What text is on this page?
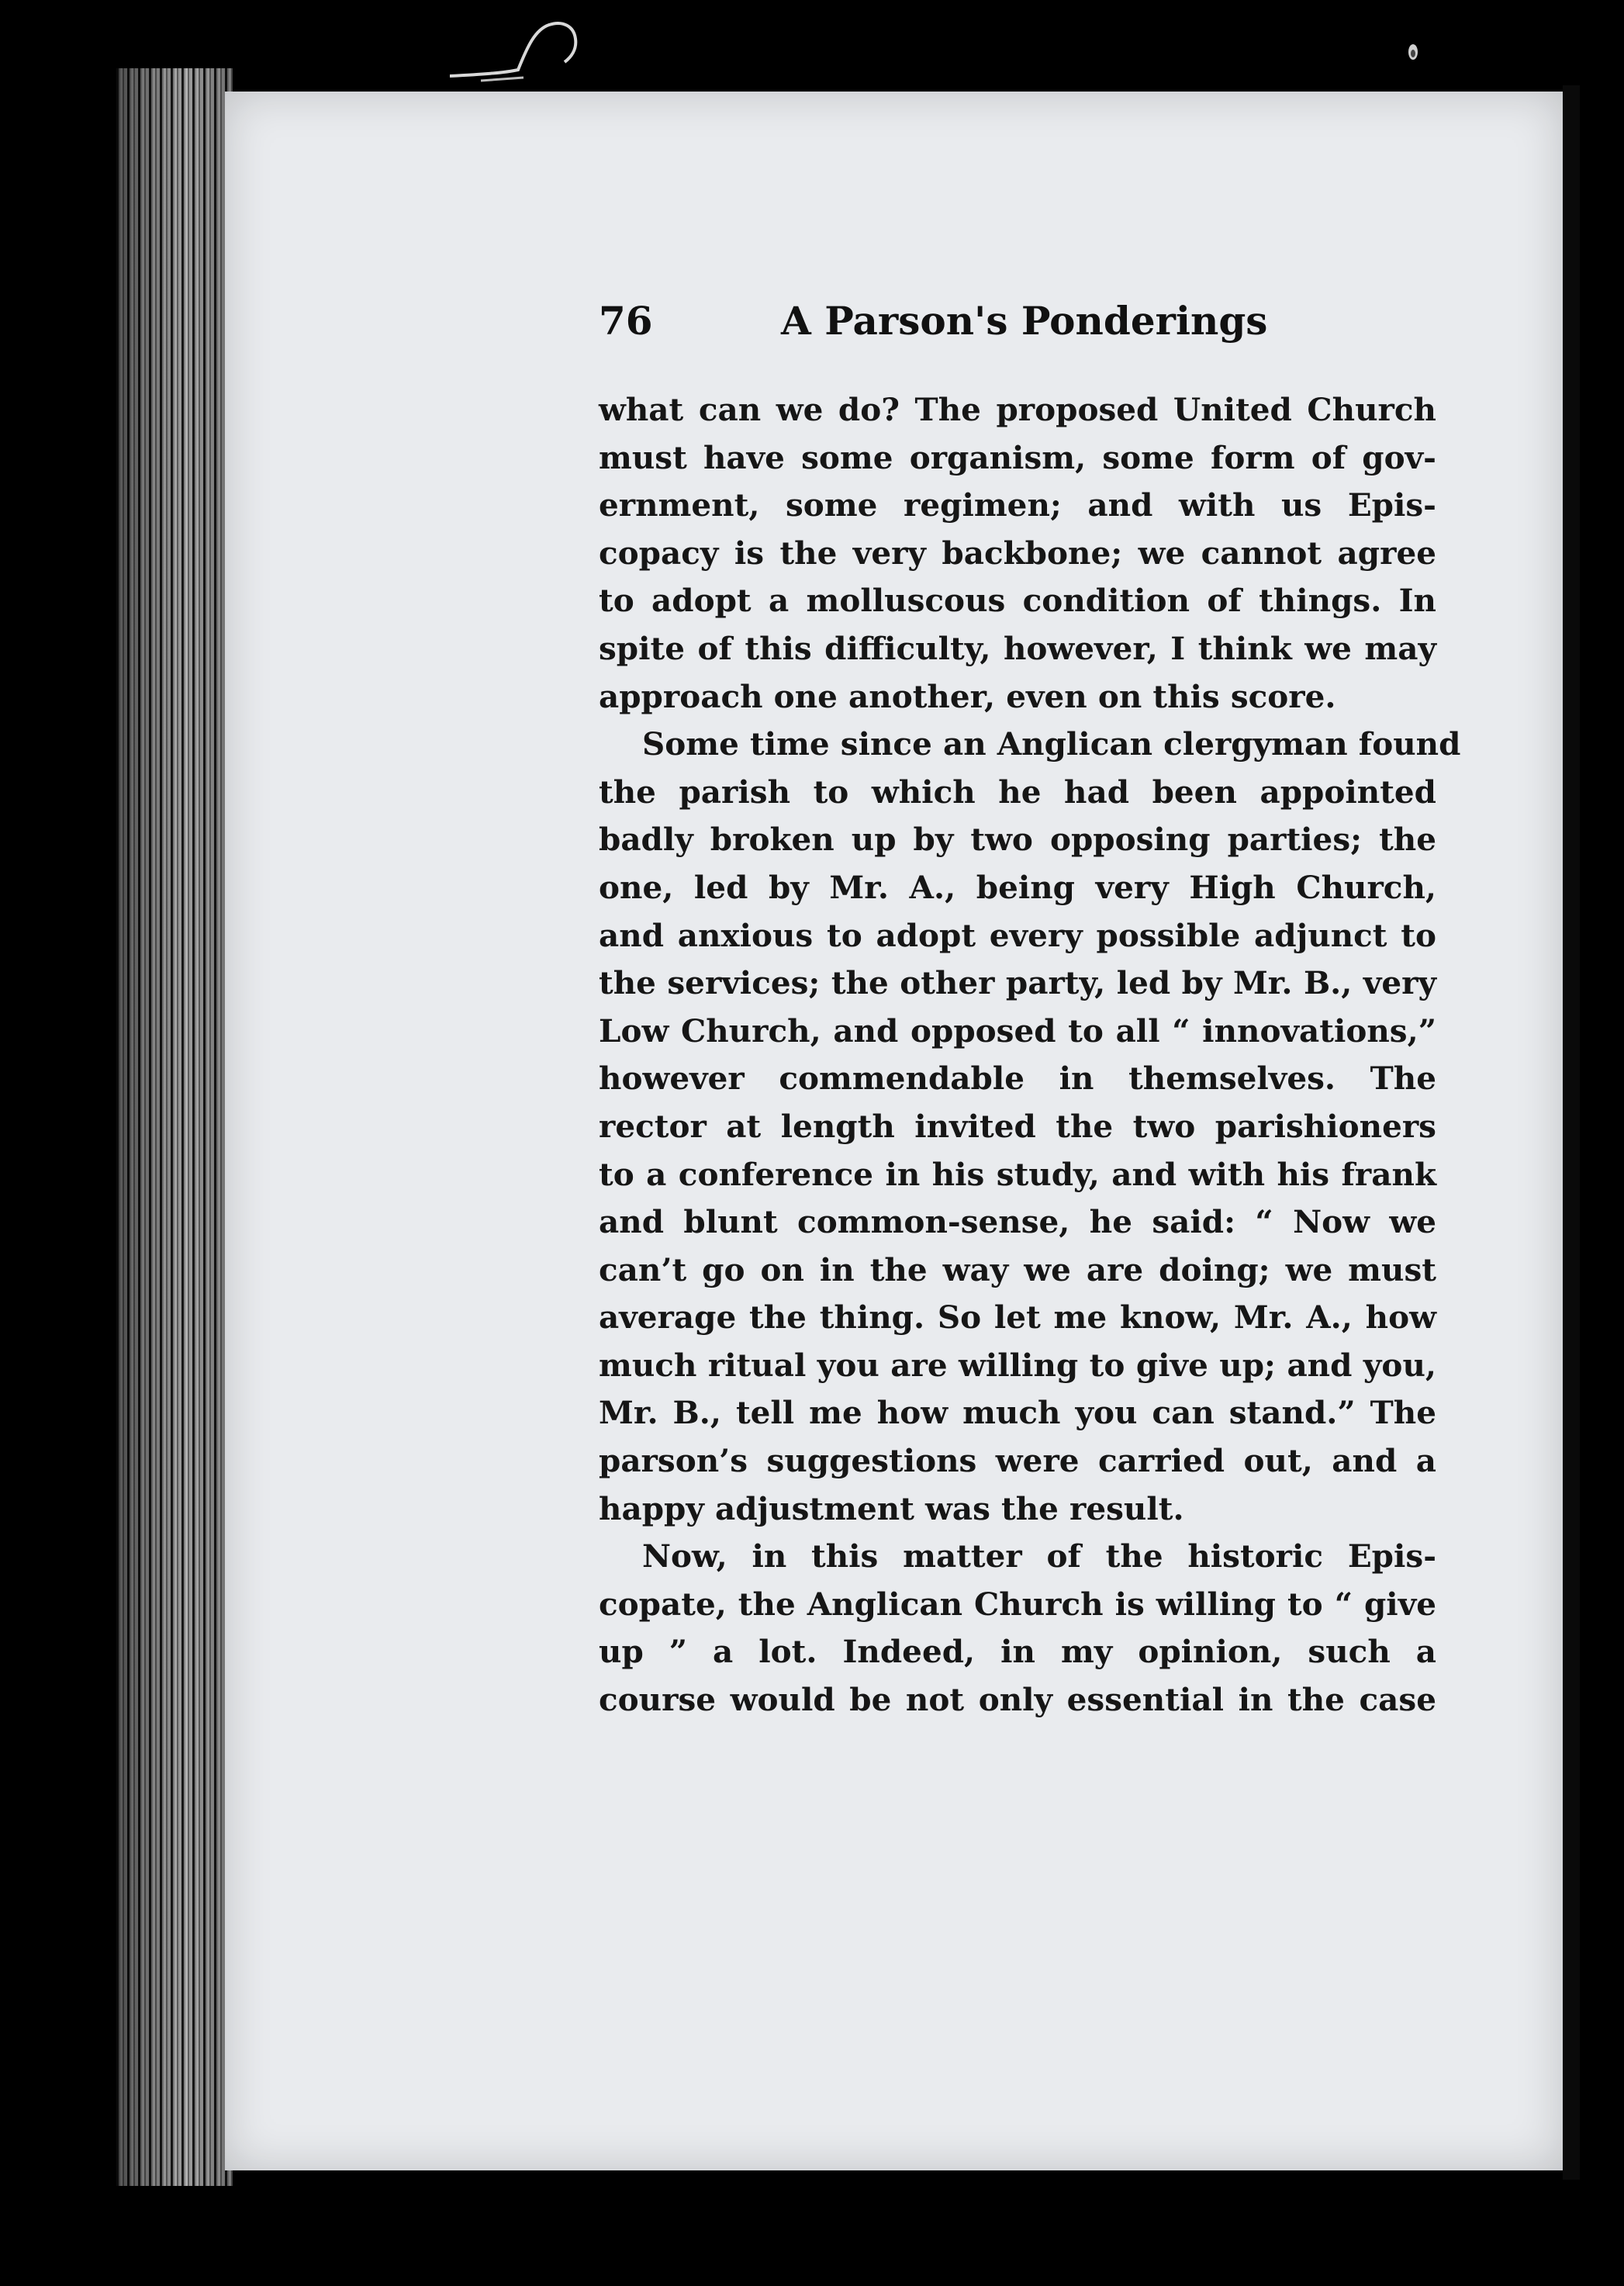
76	A Parson's Ponderings
what can we do? The proposed United Church
must have some organism, some form of gov-
ernment, some regimen; and with us Epis-
copacy is the very backbone; we cannot agree
to adopt a molluscous condition of things. In
spite of this difficulty, however, I think we may
approach one another, even on this score.
Some time since an Anglican clergyman found
the parish to which he had been appointed
badly broken up by two opposing parties; the
one, led by Mr. A., being very High Church,
and anxious to adopt every possible adjunct to
the services; the other party, led by Mr. B., very
Low Church, and opposed to all “ innovations,”
however commendable in themselves. The
rector at length invited the two parishioners
to a conference in his study, and with his frank
and blunt common-sense, he said: “ Now we
can’t go on in the way we are doing; we must
average the thing. So let me know, Mr. A., how
much ritual you are willing to give up; and you,
Mr. B., tell me how much you can stand.” The
parson’s suggestions were carried out, and a
happy adjustment was the result.
Now, in this matter of the historic Epis-
copate, the Anglican Church is willing to “ give
up ” a lot. Indeed, in my opinion, such a
course would be not only essential in the case
